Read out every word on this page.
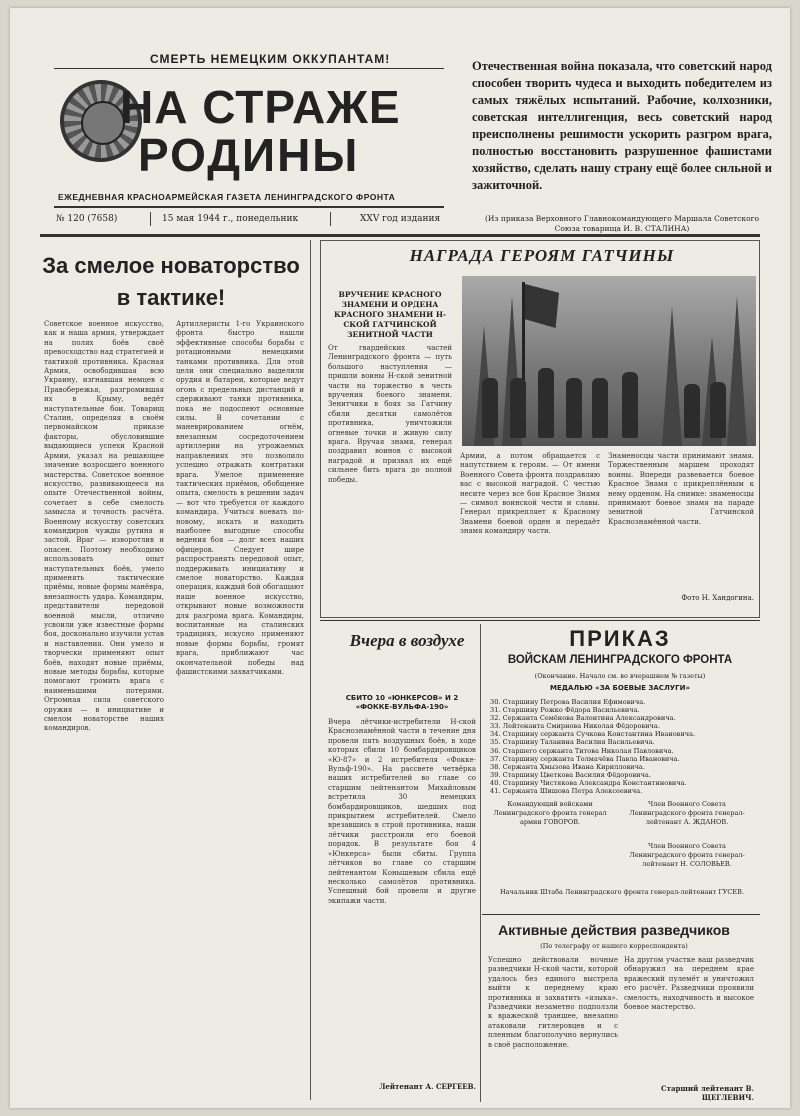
СМЕРТЬ НЕМЕЦКИМ ОККУПАНТАМ!
НА СТРАЖЕ
РОДИНЫ
ЕЖЕДНЕВНАЯ КРАСНОАРМЕЙСКАЯ ГАЗЕТА ЛЕНИНГРАДСКОГО ФРОНТА
№ 120 (7658)	15 мая 1944 г., понедельник	XXV год издания
Отечественная война показала, что советский народ способен творить чудеса и выходить победителем из самых тяжёлых испытаний. Рабочие, колхозники, советская интеллигенция, весь советский народ преисполнены решимости ускорить разгром врага, полностью восстановить разрушенное фашистами хозяйство, сделать нашу страну ещё более сильной и зажиточной.
(Из приказа Верховного Главнокомандующего Маршала Советского Союза товарища И. В. СТАЛИНА)
За смелое новаторство в тактике!
Советское военное искусство, как и наша армия, утверждает на полях боёв своё превосходство над стратегией и тактикой противника. Красная Армия, освободившая всю Украину, изгнавшая немцев с Правобережья, разгромившая их в Крыму, ведёт наступательные бои. Товарищ Сталин, определяя в своём первомайском приказе факторы, обусловившие выдающиеся успехи Красной Армии, указал на решающее значение возросшего военного мастерства. Советское военное искусство, развивающееся на опыте Отечественной войны, сочетает в себе смелость замысла и точность расчёта. Военному искусству советских командиров чужды рутина и застой. Враг — изворотлив и опасен. Поэтому необходимо использовать опыт наступательных боёв, умело применять тактические приёмы, новые формы манёвра, внезапность удара. Командиры, представители передовой военной мысли, отлично усвоили уже известные формы боя, досконально изучили устав и наставления. Они умело и творчески применяют опыт боёв, находят новые приёмы, новые методы борьбы, которые помогают громить врага с наименьшими потерями. Огромная сила советского оружия — в инициативе и смелом новаторстве наших командиров.
Артиллеристы 1-го Украинского фронта быстро нашли эффективные способы борьбы с ротационными немецкими танками противника. Для этой цели они специально выделили орудия и батареи, которые ведут огонь с предельных дистанций и сдерживают танки противника, пока не подоспеют основные силы. В сочетании с маневрированием огнём, внезапным сосредоточением артиллерии на угрожаемых направлениях это позволило успешно отражать контратаки врага. Умелое применение тактических приёмов, обобщение опыта, смелость в решении задач — вот что требуется от каждого командира. Учиться воевать по-новому, искать и находить наиболее выгодные способы ведения боя — долг всех наших офицеров. Следует шире распространять передовой опыт, поддерживать инициативу и смелое новаторство. Каждая операция, каждый бой обогащают наше военное искусство, открывают новые возможности для разгрома врага. Командиры, воспитанные на сталинских традициях, искусно применяют новые формы борьбы, громят врага, приближают час окончательной победы над фашистскими захватчиками.
НАГРАДА ГЕРОЯМ ГАТЧИНЫ
ВРУЧЕНИЕ КРАСНОГО ЗНАМЕНИ И ОРДЕНА КРАСНОГО ЗНАМЕНИ Н-СКОЙ ГАТЧИНСКОЙ ЗЕНИТНОЙ ЧАСТИ
От гвардейских частей Ленинградского фронта — путь большого наступления — пришли воины Н-ской зенитной части на торжество в честь вручения боевого знамени. Зенитчики в боях за Гатчину сбили десятки самолётов противника, уничтожили огневые точки и живую силу врага. Вручая знамя, генерал поздравил воинов с высокой наградой и призвал их ещё сильнее бить врага до полной победы.
Армии, а потом обращается с напутствием к героям. — От имени Военного Совета фронта поздравляю вас с высокой наградой. С честью несите через все бои Красное Знамя — символ воинской чести и славы. Генерал прикрепляет к Красному Знамени боевой орден и передаёт знамя командиру части.
Знаменосцы части принимают знамя. Торжественным маршем проходят воины. Впереди развевается боевое Красное Знамя с прикреплённым к нему орденом. На снимке: знаменосцы принимают боевое знамя на параде зенитной Гатчинской Краснознамённой части.
Фото Н. Хандогина.
Вчера в воздухе
СБИТО 10 «ЮНКЕРСОВ» И 2 «ФОККЕ-ВУЛЬФА-190»
Вчера лётчики-истребители Н-ской Краснознамённой части в течение дня провели пять воздушных боёв, в ходе которых сбили 10 бомбардировщиков «Ю-87» и 2 истребителя «Фокке-Вульф-190». На рассвете четвёрка наших истребителей во главе со старшим лейтенантом Михайловым встретила 30 немецких бомбардировщиков, шедших под прикрытием истребителей. Смело врезавшись в строй противника, наши лётчики расстроили его боевой порядок. В результате боя 4 «Юнкерса» были сбиты. Группа лётчиков во главе со старшим лейтенантом Конышевым сбила ещё несколько самолётов противника. Успешный бой провели и другие экипажи части.
Лейтенант А. СЕРГЕЕВ.
ПРИКАЗ
ВОЙСКАМ ЛЕНИНГРАДСКОГО ФРОНТА
(Окончание. Начало см. во вчерашнем № газеты)
МЕДАЛЬЮ «ЗА БОЕВЫЕ ЗАСЛУГИ»
30. Старшину Петрова Василия Ефимовича.
31. Старшину Рожко Фёдора Васильевича.
32. Сержанта Семёнова Валентина Александровича.
33. Лейтенанта Смирнова Николая Фёдоровича.
34. Старшину сержанта Сучкова Константина Ивановича.
35. Старшину Таланина Василия Васильевича.
36. Старшего сержанта Титова Николая Павловича.
37. Старшину сержанта Толмачёва Павла Ивановича.
38. Сержанта Хмызова Ивана Кирилловича.
39. Старшину Цветкова Василия Фёдоровича.
40. Старшину Чистякова Александра Константиновича.
41. Сержанта Шишова Петра Алексеевича.
Командующий войсками Ленинградского фронта генерал армии ГОВОРОВ.
Член Военного Совета Ленинградского фронта генерал-лейтенант А. ЖДАНОВ.
Член Военного Совета Ленинградского фронта генерал-лейтенант Н. СОЛОВЬЕВ.
Начальник Штаба Ленинградского фронта генерал-лейтенант ГУСЕВ.
Активные действия разведчиков
(По телеграфу от нашего корреспондента)
Успешно действовали ночные разведчики Н-ской части, которой удалось без единого выстрела выйти к переднему краю противника и захватить «языка». Разведчики незаметно подползли к вражеской траншее, внезапно атаковали гитлеровцев и с пленным благополучно вернулись в своё расположение.
На другом участке ваш разведчик обнаружил на переднем крае вражеский пулемёт и уничтожил его расчёт. Разведчики проявили смелость, находчивость и высокое боевое мастерство.
Старший лейтенант В. ЩЕГЛЕВИЧ.
